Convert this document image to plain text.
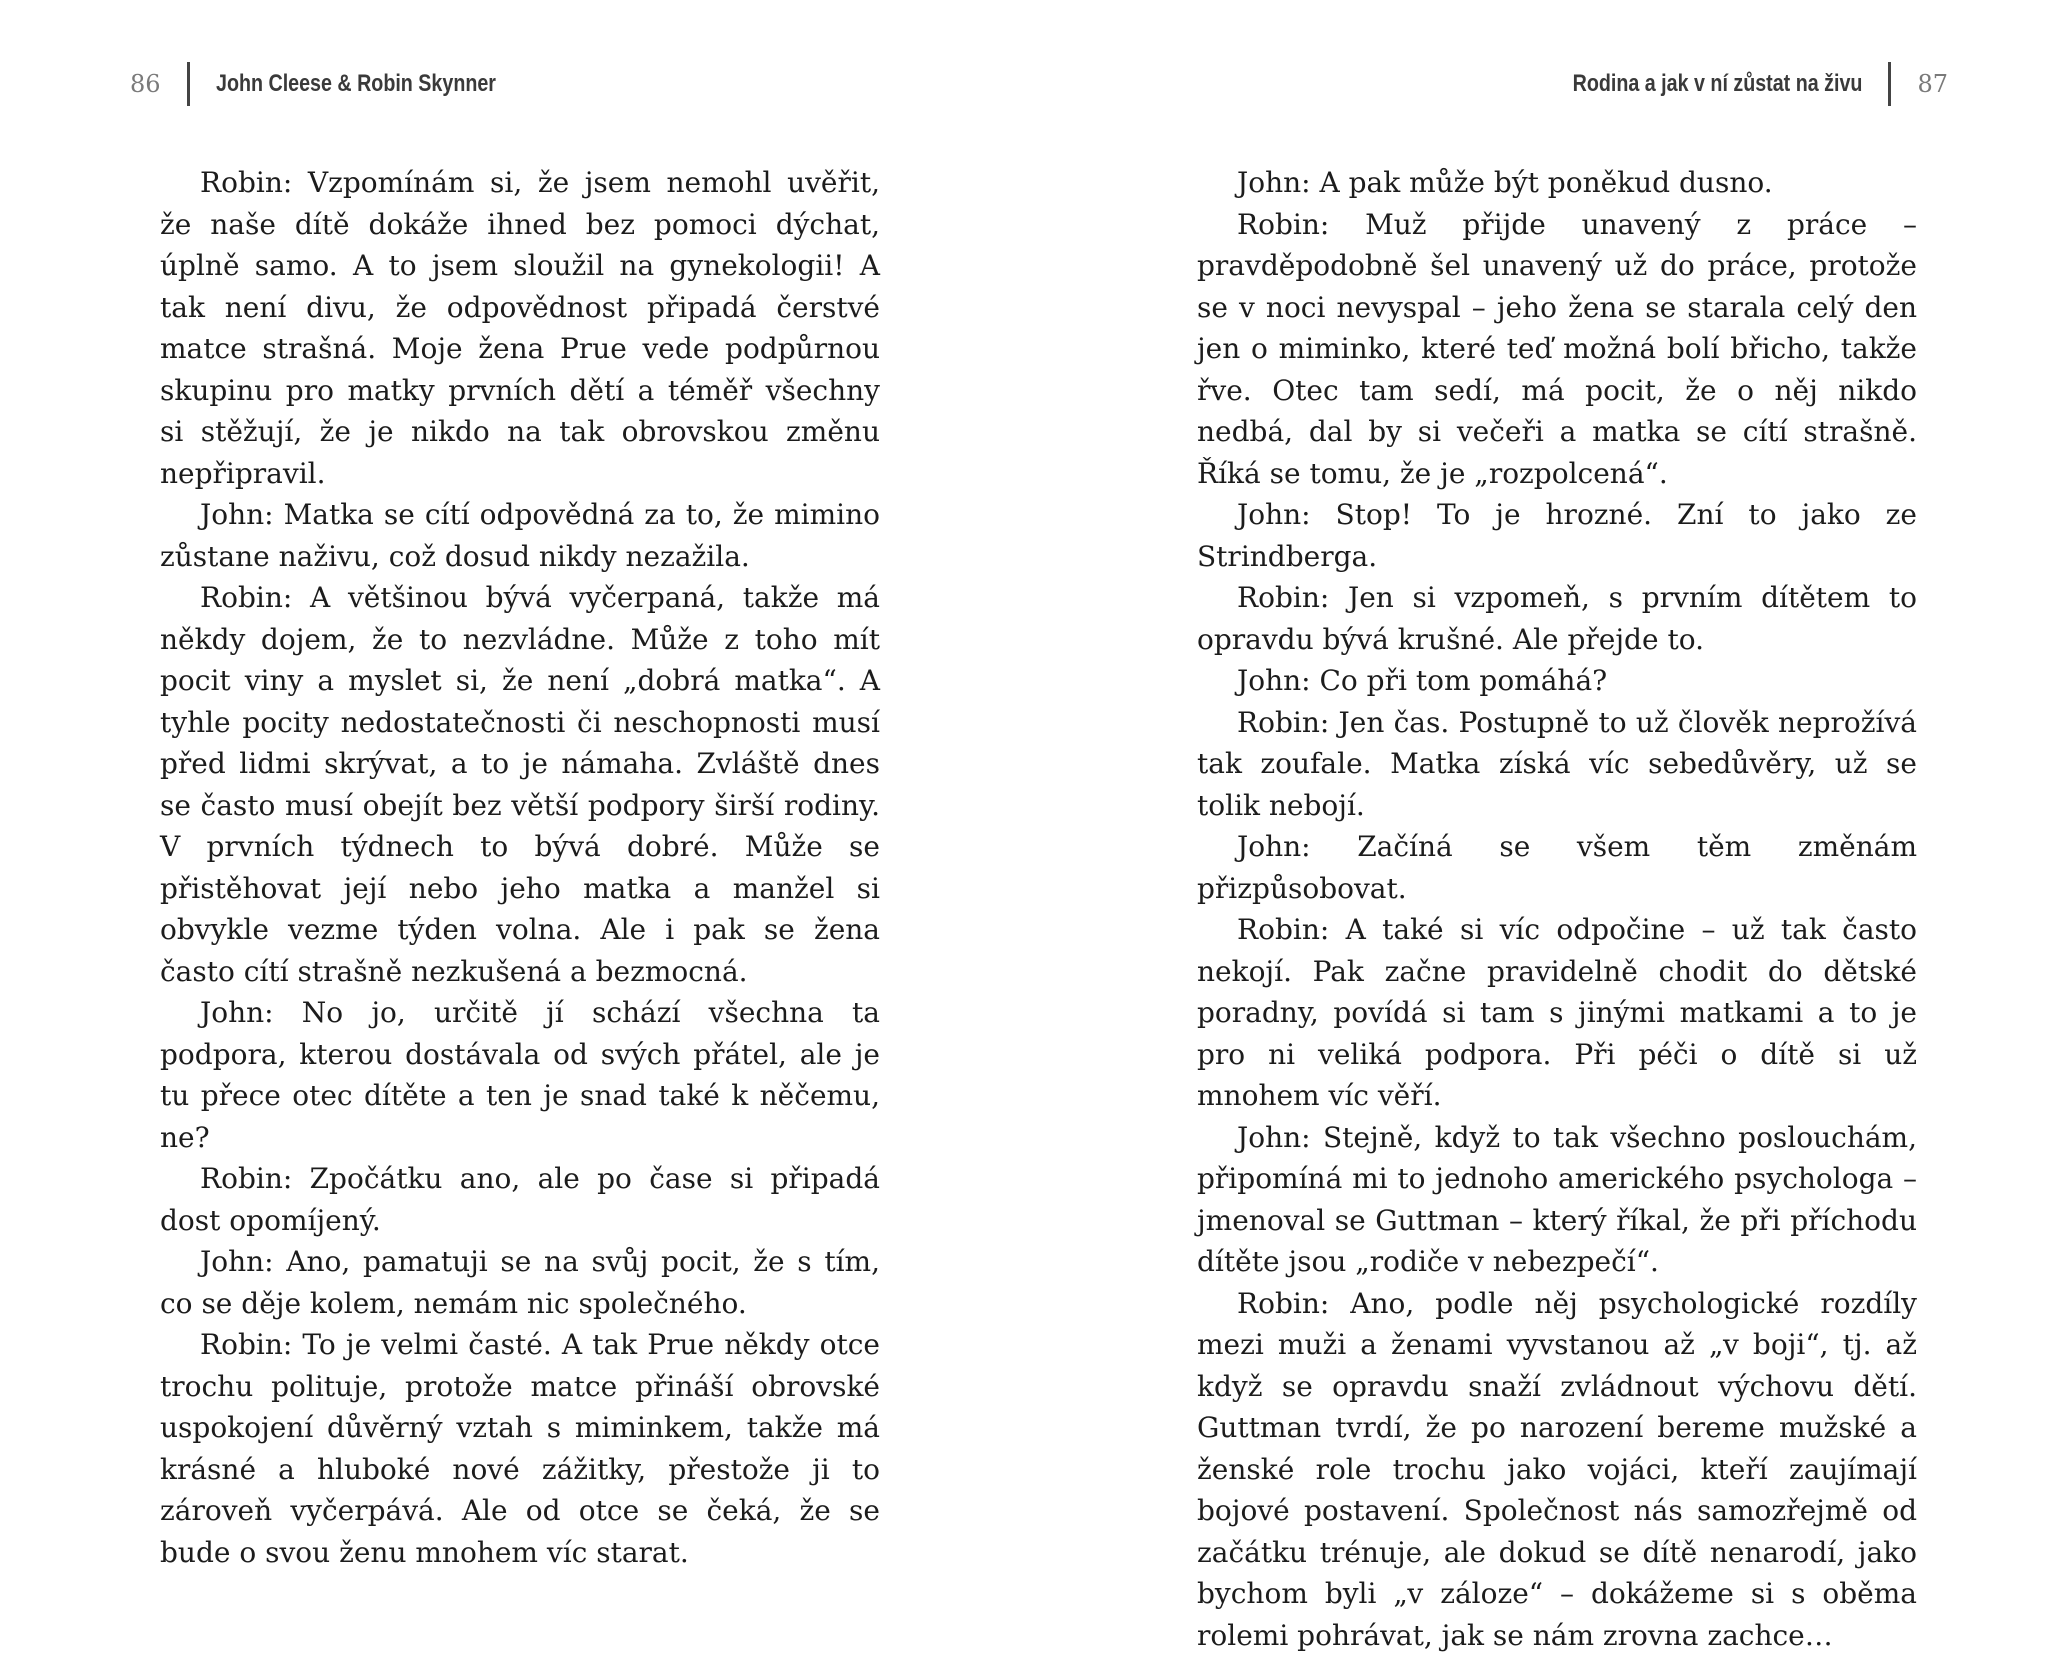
86 John Cleese & Robin Skynner

Robin: Vzpomínám si, že jsem nemohl uvěřit, že naše dítě dokáže ihned bez pomoci dýchat, úplně samo. A to jsem sloužil na gynekologii! A tak není divu, že odpovědnost připadá čerstvé matce strašná. Moje žena Prue vede podpůrnou skupinu pro matky prvních dětí a téměř všechny si stěžují, že je nikdo na tak obrovskou změnu nepřipravil.

John: Matka se cítí odpovědná za to, že mimino zůstane naživu, což dosud nikdy nezažila.

Robin: A většinou bývá vyčerpaná, takže má někdy dojem, že to nezvládne. Může z toho mít pocit viny a myslet si, že není „dobrá matka“. A tyhle pocity nedostatečnosti či neschopnosti musí před lidmi skrývat, a to je námaha. Zvláště dnes se často musí obejít bez větší podpory širší rodiny. V prvních týdnech to bývá dobré. Může se přistěhovat její nebo jeho matka a manžel si obvykle vezme týden volna. Ale i pak se žena často cítí strašně nezkušená a bezmocná.

John: No jo, určitě jí schází všechna ta podpora, kterou dostávala od svých přátel, ale je tu přece otec dítěte a ten je snad také k něčemu, ne?

Robin: Zpočátku ano, ale po čase si připadá dost opomíjený.

John: Ano, pamatuji se na svůj pocit, že s tím, co se děje kolem, nemám nic společného.

Robin: To je velmi časté. A tak Prue někdy otce trochu polituje, protože matce přináší obrovské uspokojení důvěrný vztah s miminkem, takže má krásné a hluboké nové zážitky, přestože ji to zároveň vyčerpává. Ale od otce se čeká, že se bude o svou ženu mnohem víc starat.

Rodina a jak v ní zůstat na živu 87

John: A pak může být poněkud dusno.

Robin: Muž přijde unavený z práce – pravděpodobně šel unavený už do práce, protože se v noci nevyspal – jeho žena se starala celý den jen o miminko, které teď možná bolí břicho, takže řve. Otec tam sedí, má pocit, že o něj nikdo nedbá, dal by si večeři a matka se cítí strašně. Říká se tomu, že je „rozpolcená“.

John: Stop! To je hrozné. Zní to jako ze Strindberga.

Robin: Jen si vzpomeň, s prvním dítětem to opravdu bývá krušné. Ale přejde to.

John: Co při tom pomáhá?

Robin: Jen čas. Postupně to už člověk neprožívá tak zoufale. Matka získá víc sebedůvěry, už se tolik nebojí.

John: Začíná se všem těm změnám přizpůsobovat.

Robin: A také si víc odpočine – už tak často nekojí. Pak začne pravidelně chodit do dětské poradny, povídá si tam s jinými matkami a to je pro ni veliká podpora. Při péči o dítě si už mnohem víc věří.

John: Stejně, když to tak všechno poslouchám, připomíná mi to jednoho amerického psychologa – jmenoval se Guttman – který říkal, že při příchodu dítěte jsou „rodiče v nebezpečí“.

Robin: Ano, podle něj psychologické rozdíly mezi muži a ženami vyvstanou až „v boji“, tj. až když se opravdu snaží zvládnout výchovu dětí. Guttman tvrdí, že po narození bereme mužské a ženské role trochu jako vojáci, kteří zaujímají bojové postavení. Společnost nás samozřejmě od začátku trénuje, ale dokud se dítě nenarodí, jako bychom byli „v záloze“ – dokážeme si s oběma rolemi pohrávat, jak se nám zrovna zachce…
